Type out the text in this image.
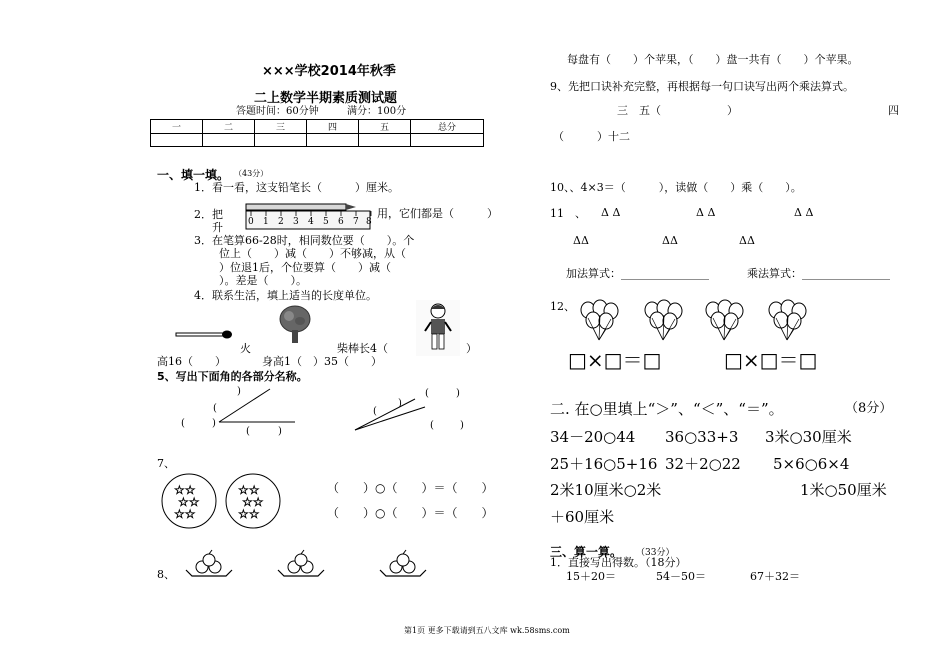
×××学校2014年秋季
二上数学半期素质测试题
答题时间：60分钟	满分：100分
一	二	三	四	五	总分

一、填一填。 （43分）
1．看一看，这支铅笔长（　　　）厘米。
2．把
升	0 1 2 3 4 5 6 7 8
用，它们都是（　　　）
3．在笔算66-28时，相同数位要（　　）。个
位上（　　）减（　　）不够减，从（
）位退1后，个位要算（　　）减（
）。差是（　　）。
4．联系生活，填上适当的长度单位。
火	柴棒长4（	）
高16（　　）	身高1（　）35（　　）
5、写出下面角的各部分名称。
(
)
(	)
(	)
(
)
(	)
(	)
7、
☆☆
☆☆
☆☆
☆☆
☆☆
☆☆
（　　）○（　　）＝（　　）
（　　）○（　　）＝（　　）
8、
每盘有（　　）个苹果，（　　）盘一共有（　　）个苹果。
9、先把口诀补充完整，再根据每一句口诀写出两个乘法算式。
三　五（　　　　　　）	四
（　　　）十二
10、、4×3＝（　　　），读做（　　）乘（　　）。
11　、 Δ Δ	Δ Δ	Δ Δ
ΔΔ	ΔΔ	ΔΔ
加法算式：________________	乘法算式：________________
12、
□×□＝□	□×□＝□
二. 在○里填上“＞”、“＜”、“＝”。	（8分）
34－20○44 36○33+3 3米○30厘米
25＋16○5+16 32＋2○22 5×6○6×4
2米10厘米○2米	1米○50厘米
＋60厘米
三、算一算。 （33分）
1．直接写出得数。（18分）
15＋20＝	54－50＝	67＋32＝
第1页 更多下载请到五八文库 wk.58sms.com
